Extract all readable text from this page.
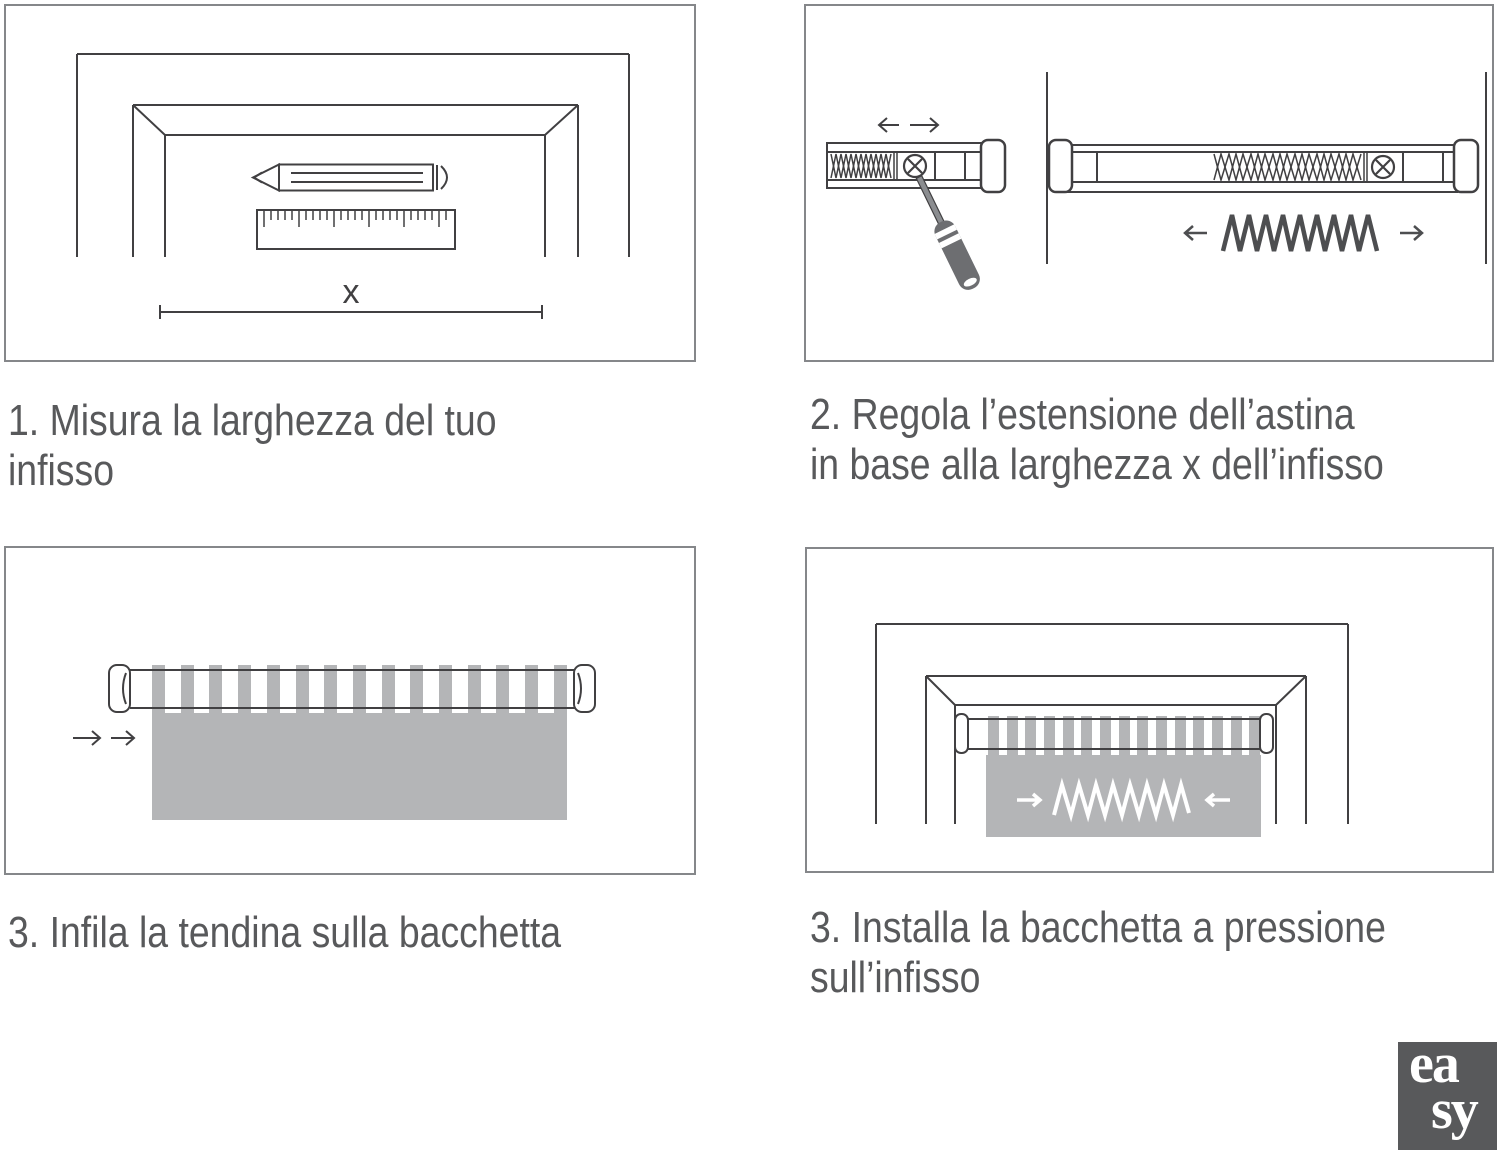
x
1. Misura la larghezza del tuo
infisso
2. Regola l’estensione dell’astina
in base alla larghezza x dell’infisso
3. Infila la tendina sulla bacchetta	3. Installa la bacchetta a pressione
sull’infisso
ea
sy
